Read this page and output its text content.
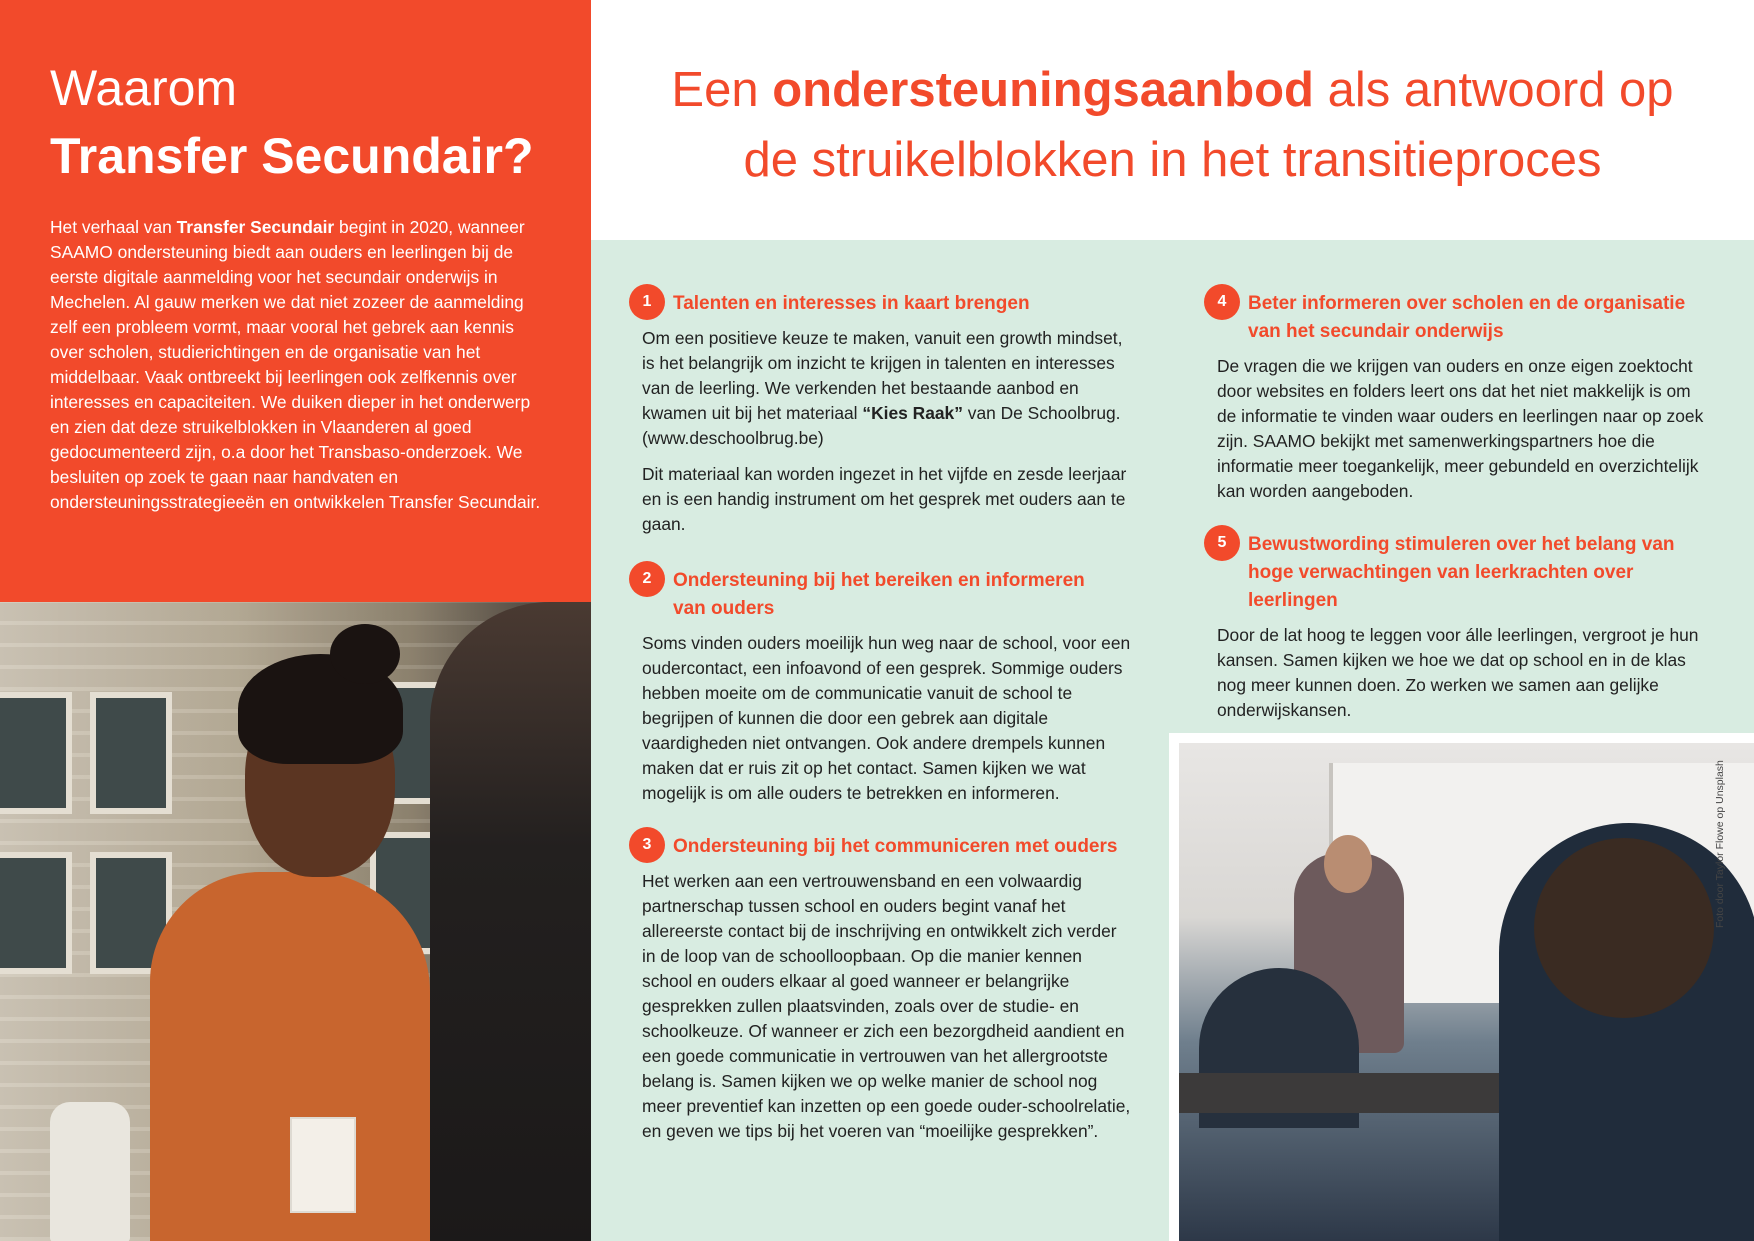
Waarom
Transfer Secundair?

Het verhaal van Transfer Secundair begint in 2020, wanneer SAAMO ondersteuning biedt aan ouders en leerlingen bij de eerste digitale aanmelding voor het secundair onderwijs in Mechelen. Al gauw merken we dat niet zozeer de aanmelding zelf een probleem vormt, maar vooral het gebrek aan kennis over scholen, studierichtingen en de organisatie van het middelbaar. Vaak ontbreekt bij leerlingen ook zelfkennis over interesses en capaciteiten. We duiken dieper in het onderwerp en zien dat deze struikelblokken in Vlaanderen al goed gedocumenteerd zijn, o.a door het Transbaso-onderzoek. We besluiten op zoek te gaan naar handvaten en ondersteuningsstrategieeën en ontwikkelen Transfer Secundair.

Een ondersteuningsaanbod als antwoord op
de struikelblokken in het transitieproces
1	Talenten en interesses in kaart brengen

Om een positieve keuze te maken, vanuit een growth mindset, is het belangrijk om inzicht te krijgen in talenten en interesses van de leerling. We verkenden het bestaande aanbod en kwamen uit bij het materiaal “Kies Raak” van De Schoolbrug. (www.deschoolbrug.be)

Dit materiaal kan worden ingezet in het vijfde en zesde leerjaar en is een handig instrument om het gesprek met ouders aan te gaan.

2	Ondersteuning bij het bereiken en informeren van ouders

Soms vinden ouders moeilijk hun weg naar de school, voor een oudercontact, een infoavond of een gesprek. Sommige ouders hebben moeite om de communicatie vanuit de school te begrijpen of kunnen die door een gebrek aan digitale vaardigheden niet ontvangen. Ook andere drempels kunnen maken dat er ruis zit op het contact. Samen kijken we wat mogelijk is om alle ouders te betrekken en informeren.

3	Ondersteuning bij het communiceren met ouders

Het werken aan een vertrouwensband en een volwaardig partnerschap tussen school en ouders begint vanaf het allereerste contact bij de inschrijving en ontwikkelt zich verder in de loop van de schoolloopbaan. Op die manier kennen school en ouders elkaar al goed wanneer er belangrijke gesprekken zullen plaatsvinden, zoals over de studie- en schoolkeuze. Of wanneer er zich een bezorgdheid aandient en een goede communicatie in vertrouwen van het allergrootste belang is. Samen kijken we op welke manier de school nog meer preventief kan inzetten op een goede ouder-schoolrelatie, en geven we tips bij het voeren van “moeilijke gesprekken”.

4	Beter informeren over scholen en de organisatie van het secundair onderwijs

De vragen die we krijgen van ouders en onze eigen zoektocht door websites en folders leert ons dat het niet makkelijk is om de informatie te vinden waar ouders en leerlingen naar op zoek zijn. SAAMO bekijkt met samenwerkingspartners hoe die informatie meer toegankelijk, meer gebundeld en overzichtelijk kan worden aangeboden.

5	Bewustwording stimuleren over het belang van hoge verwachtingen van leerkrachten over leerlingen

Door de lat hoog te leggen voor álle leerlingen, vergroot je hun kansen. Samen kijken we hoe we dat op school en in de klas nog meer kunnen doen. Zo werken we samen aan gelijke onderwijskansen.

Foto door Taylor Flowe op Unsplash
